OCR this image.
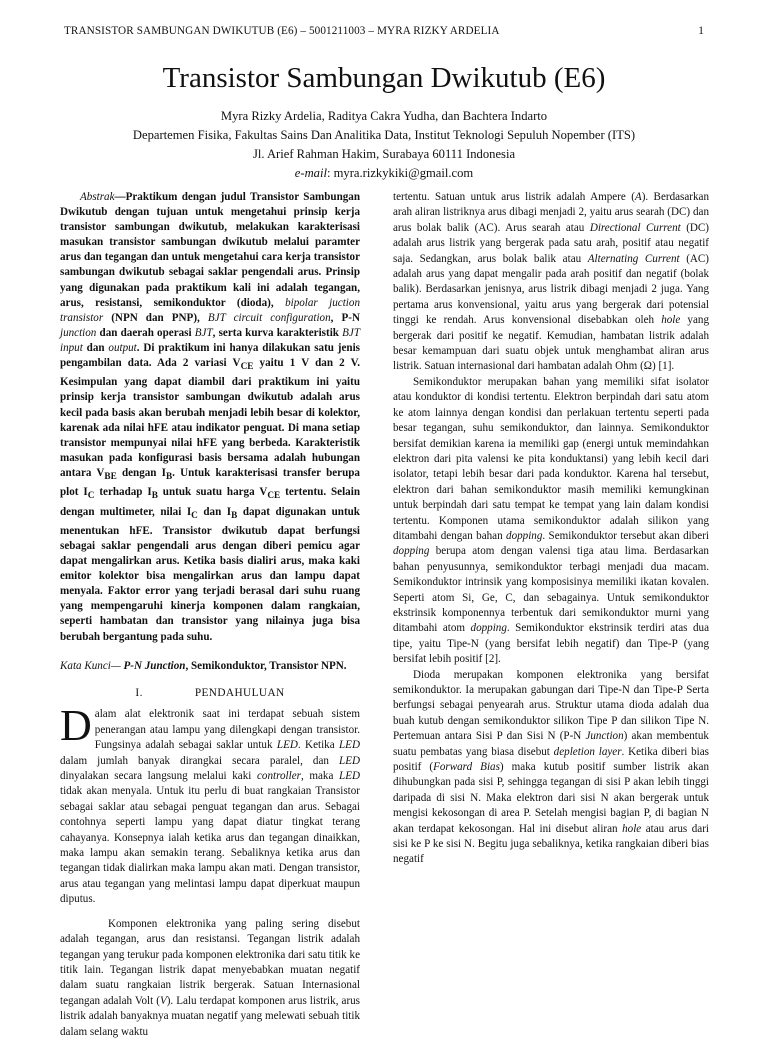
TRANSISTOR SAMBUNGAN DWIKUTUB (E6) – 5001211003 – MYRA RIZKY ARDELIA	1
Transistor Sambungan Dwikutub (E6)
Myra Rizky Ardelia, Raditya Cakra Yudha, dan Bachtera Indarto
Departemen Fisika, Fakultas Sains Dan Analitika Data, Institut Teknologi Sepuluh Nopember (ITS)
Jl. Arief Rahman Hakim, Surabaya 60111 Indonesia
e-mail: myra.rizkykiki@gmail.com

Abstrak—Praktikum dengan judul Transistor Sambungan Dwikutub dengan tujuan untuk mengetahui prinsip kerja transistor sambungan dwikutub, melakukan karakterisasi masukan transistor sambungan dwikutub melalui paramter arus dan tegangan dan untuk mengetahui cara kerja transistor sambungan dwikutub sebagai saklar pengendali arus. Prinsip yang digunakan pada praktikum kali ini adalah tegangan, arus, resistansi, semikonduktor (dioda), bipolar juction transistor (NPN dan PNP), BJT circuit configuration, P-N junction dan daerah operasi BJT, serta kurva karakteristik BJT input dan output. Di praktikum ini hanya dilakukan satu jenis pengambilan data. Ada 2 variasi $V_{CE}$ yaitu 1 V dan 2 V. Kesimpulan yang dapat diambil dari praktikum ini yaitu prinsip kerja transistor sambungan dwikutub adalah arus kecil pada basis akan berubah menjadi lebih besar di kolektor, karenak ada nilai hFE atau indikator penguat. Di mana setiap transistor mempunyai nilai hFE yang berbeda. Karakteristik masukan pada konfigurasi basis bersama adalah hubungan antara $V_{BE}$ dengan $I_B$. Untuk karakterisasi transfer berupa plot $I_C$ terhadap $I_B$ untuk suatu harga $V_{CE}$ tertentu. Selain dengan multimeter, nilai $I_C$ dan $I_B$ dapat digunakan untuk menentukan hFE. Transistor dwikutub dapat berfungsi sebagai saklar pengendali arus dengan diberi pemicu agar dapat mengalirkan arus. Ketika basis dialiri arus, maka kaki emitor kolektor bisa mengalirkan arus dan lampu dapat menyala. Faktor error yang terjadi berasal dari suhu ruang yang mempengaruhi kinerja komponen dalam rangkaian, seperti hambatan dan transistor yang nilainya juga bisa berubah bergantung pada suhu.

Kata Kunci— P-N Junction, Semikonduktor, Transistor NPN.

I.	PENDAHULUAN

Dalam alat elektronik saat ini terdapat sebuah sistem penerangan atau lampu yang dilengkapi dengan transistor. Fungsinya adalah sebagai saklar untuk LED. Ketika LED dalam jumlah banyak dirangkai secara paralel, dan LED dinyalakan secara langsung melalui kaki controller, maka LED tidak akan menyala. Untuk itu perlu di buat rangkaian Transistor sebagai saklar atau sebagai penguat tegangan dan arus. Sebagai contohnya seperti lampu yang dapat diatur tingkat terang cahayanya. Konsepnya ialah ketika arus dan tegangan dinaikkan, maka lampu akan semakin terang. Sebaliknya ketika arus dan tegangan tidak dialirkan maka lampu akan mati. Dengan transistor, arus atau tegangan yang melintasi lampu dapat diperkuat maupun diputus.

Komponen elektronika yang paling sering disebut adalah tegangan, arus dan resistansi. Tegangan listrik adalah tegangan yang terukur pada komponen elektronika dari satu titik ke titik lain. Tegangan listrik dapat menyebabkan muatan negatif dalam suatu rangkaian listrik bergerak. Satuan Internasional tegangan adalah Volt (V). Lalu terdapat komponen arus listrik, arus listrik adalah banyaknya muatan negatif yang melewati sebuah titik dalam selang waktu

tertentu. Satuan untuk arus listrik adalah Ampere (A). Berdasarkan arah aliran listriknya arus dibagi menjadi 2, yaitu arus searah (DC) dan arus bolak balik (AC). Arus searah atau Directional Current (DC) adalah arus listrik yang bergerak pada satu arah, positif atau negatif saja. Sedangkan, arus bolak balik atau Alternating Current (AC) adalah arus yang dapat mengalir pada arah positif dan negatif (bolak balik). Berdasarkan jenisnya, arus listrik dibagi menjadi 2 juga. Yang pertama arus konvensional, yaitu arus yang bergerak dari potensial tinggi ke rendah. Arus konvensional disebabkan oleh hole yang bergerak dari positif ke negatif. Kemudian, hambatan listrik adalah besar kemampuan dari suatu objek untuk menghambat aliran arus listrik. Satuan internasional dari hambatan adalah Ohm (Ω) [1].

Semikonduktor merupakan bahan yang memiliki sifat isolator atau konduktor di kondisi tertentu. Elektron berpindah dari satu atom ke atom lainnya dengan kondisi dan perlakuan tertentu seperti pada besar tegangan, suhu semikonduktor, dan lainnya. Semikonduktor bersifat demikian karena ia memiliki gap (energi untuk memindahkan elektron dari pita valensi ke pita konduktansi) yang lebih kecil dari isolator, tetapi lebih besar dari pada konduktor. Karena hal tersebut, elektron dari bahan semikonduktor masih memiliki kemungkinan untuk berpindah dari satu tempat ke tempat yang lain dalam kondisi tertentu. Komponen utama semikonduktor adalah silikon yang ditambahi dengan bahan dopping. Semikonduktor tersebut akan diberi dopping berupa atom dengan valensi tiga atau lima. Berdasarkan bahan penyusunnya, semikonduktor terbagi menjadi dua macam. Semikonduktor intrinsik yang komposisinya memiliki ikatan kovalen. Seperti atom Si, Ge, C, dan sebagainya. Untuk semikonduktor ekstrinsik komponennya terbentuk dari semikonduktor murni yang ditambahi atom dopping. Semikonduktor ekstrinsik terdiri atas dua tipe, yaitu Tipe-N (yang bersifat lebih negatif) dan Tipe-P (yang bersifat lebih positif [2].

Dioda merupakan komponen elektronika yang bersifat semikonduktor. Ia merupakan gabungan dari Tipe-N dan Tipe-P Serta berfungsi sebagai penyearah arus. Struktur utama dioda adalah dua buah kutub dengan semikonduktor silikon Tipe P dan silikon Tipe N. Pertemuan antara Sisi P dan Sisi N (P-N Junction) akan membentuk suatu pembatas yang biasa disebut depletion layer. Ketika diberi bias positif (Forward Bias) maka kutub positif sumber listrik akan dihubungkan pada sisi P, sehingga tegangan di sisi P akan lebih tinggi daripada di sisi N. Maka elektron dari sisi N akan bergerak untuk mengisi kekosongan di area P. Setelah mengisi bagian P, di bagian N akan terdapat kekosongan. Hal ini disebut aliran hole atau arus dari sisi ke P ke sisi N. Begitu juga sebaliknya, ketika rangkaian diberi bias negatif
